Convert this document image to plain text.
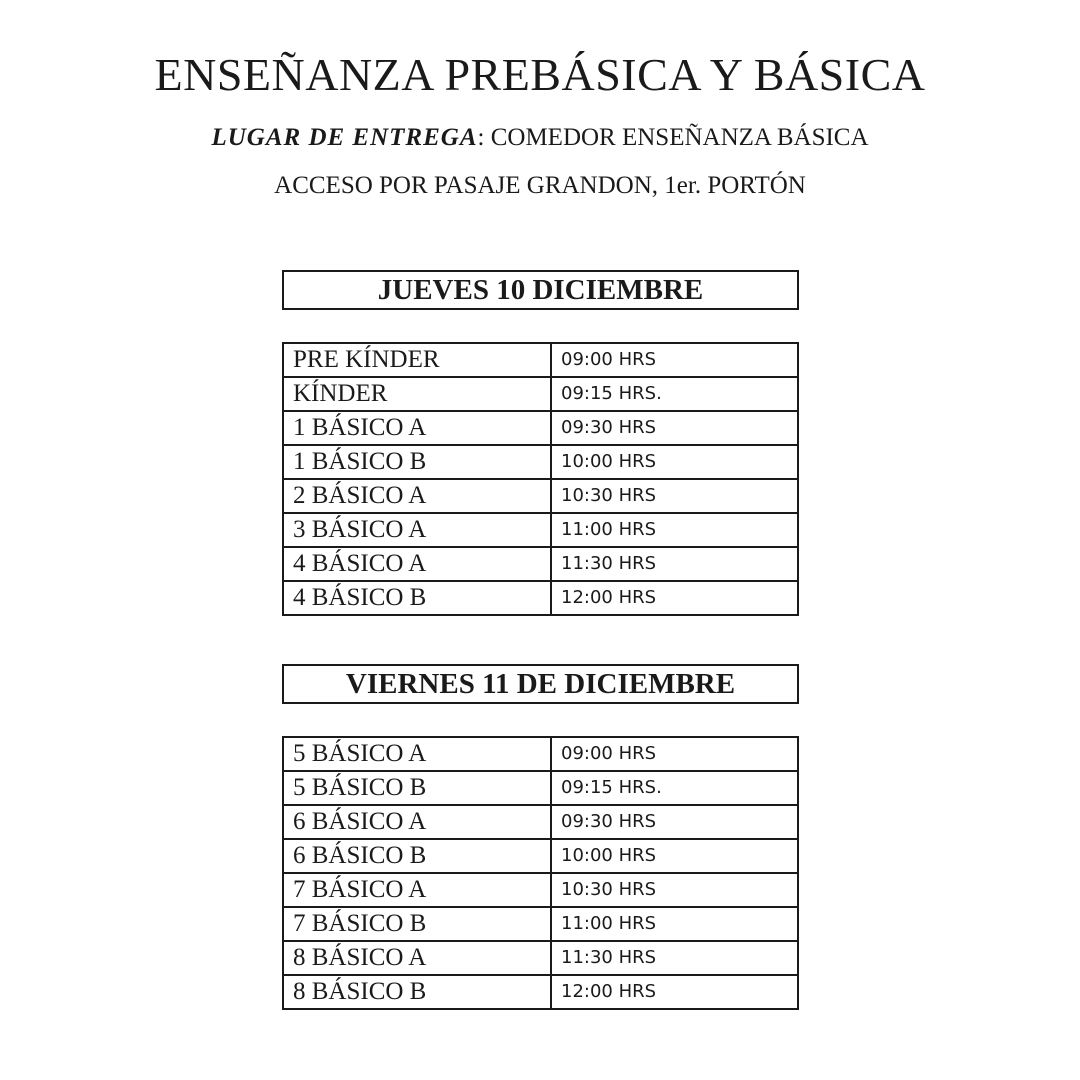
ENSEÑANZA PREBÁSICA Y BÁSICA
LUGAR DE ENTREGA: COMEDOR ENSEÑANZA BÁSICA
ACCESO POR PASAJE GRANDON, 1er. PORTÓN
JUEVES 10 DICIEMBRE
PRE KÍNDER	09:00 HRS
KÍNDER	09:15 HRS.
1 BÁSICO A	09:30 HRS
1 BÁSICO B	10:00 HRS
2 BÁSICO A	10:30 HRS
3 BÁSICO A	11:00 HRS
4 BÁSICO A	11:30 HRS
4 BÁSICO B	12:00 HRS
VIERNES 11 DE DICIEMBRE
5 BÁSICO A	09:00 HRS
5 BÁSICO B	09:15 HRS.
6 BÁSICO A	09:30 HRS
6 BÁSICO B	10:00 HRS
7 BÁSICO A	10:30 HRS
7 BÁSICO B	11:00 HRS
8 BÁSICO A	11:30 HRS
8 BÁSICO B	12:00 HRS
